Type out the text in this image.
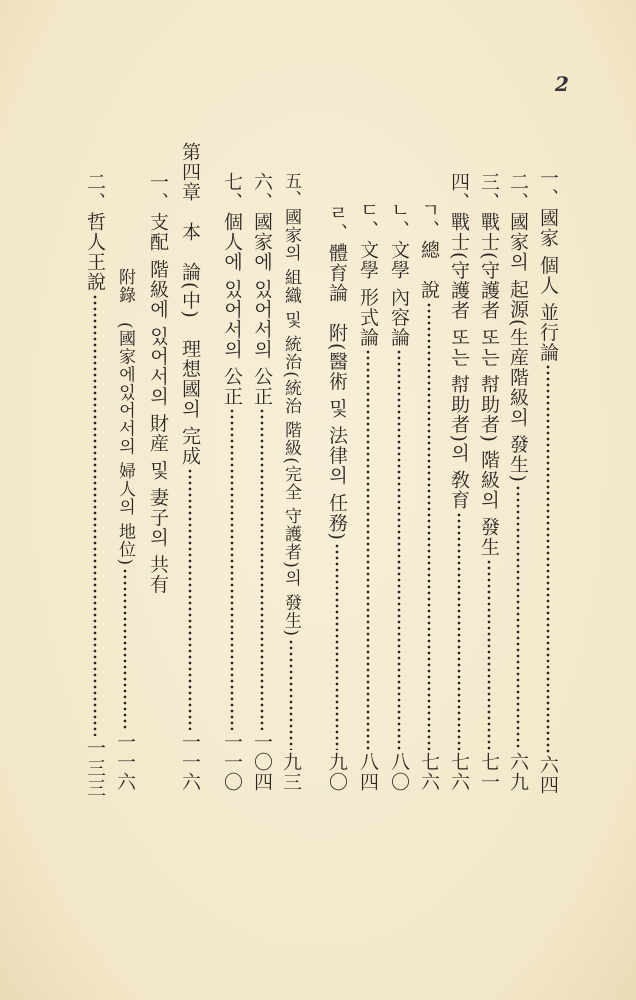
2
一、國家 個人 並行論
六四
二、國家의 起源(生産階級의 發生)
六九
三、戰士(守護者 또는 幇助者) 階級의 發生
七一
四、戰士(守護者 또는 幇助者)의 敎育
七六
ㄱ、總　說
七六
ㄴ、文學 內容論
八〇
ㄷ、文學 形式論
八四
ㄹ、體育論　附(醫術 및 法律의 任務)
九〇
五、國家의 組織 및 統治(統治 階級(完全 守護者)의 發生)
九三
六、國家에 있어서의 公正
一〇四
七、個人에 있어서의 公正
一一〇
第四章　本　論(中)　理想國의 完成
一一六
一、支配 階級에 있어서의 財産 및 妻子의 共有
附錄　(國家에있어서의 婦人의 地位)
一一六
二、哲人王說
一三三
